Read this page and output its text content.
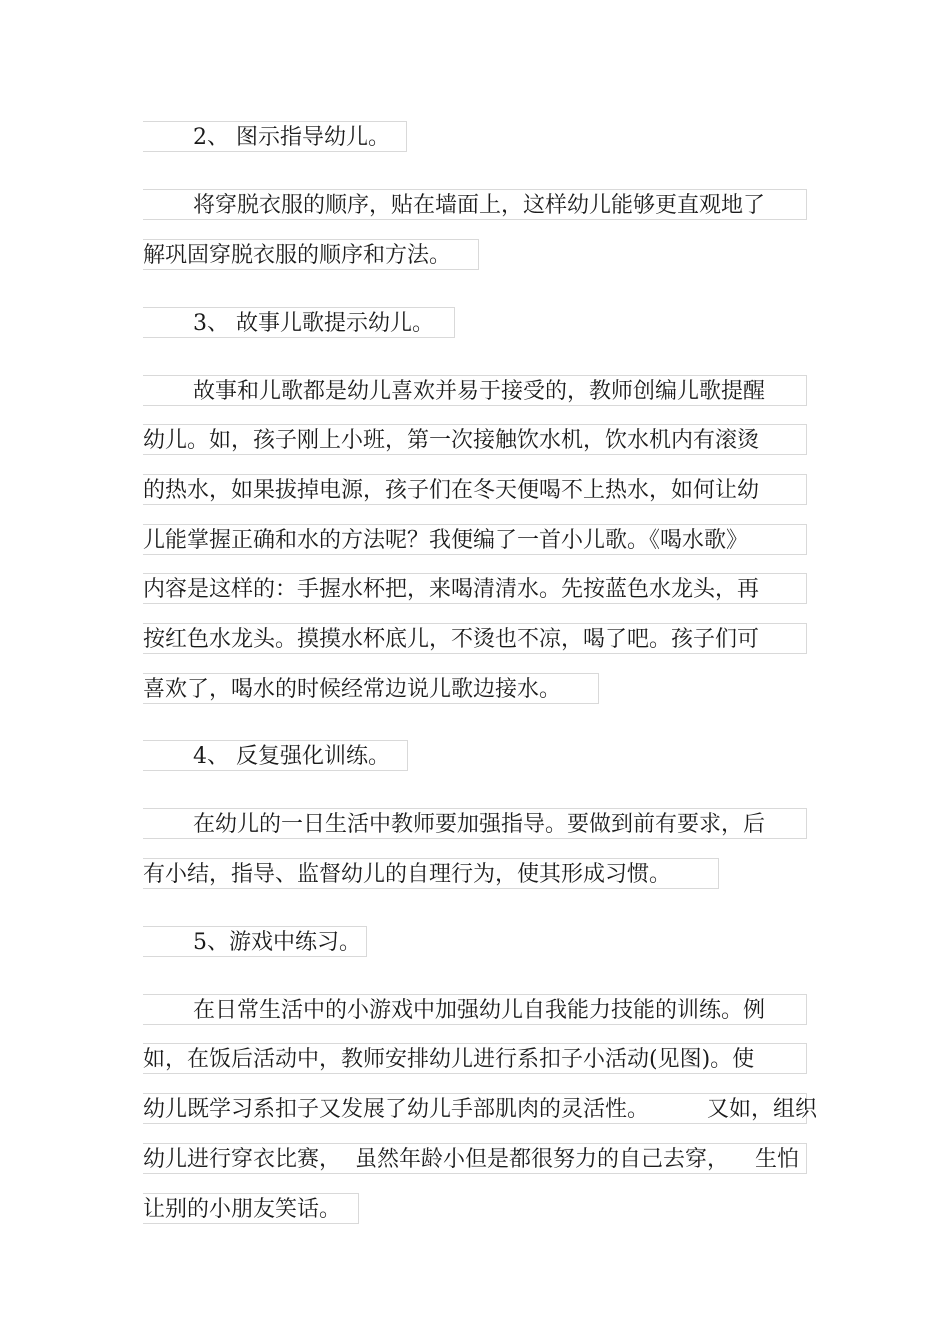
2、 图示指导幼儿。
将穿脱衣服的顺序，贴在墙面上，这样幼儿能够更直观地了
解巩固穿脱衣服的顺序和方法。
3、 故事儿歌提示幼儿。
故事和儿歌都是幼儿喜欢并易于接受的，教师创编儿歌提醒
幼儿。如，孩子刚上小班，第一次接触饮水机，饮水机内有滚烫
的热水，如果拔掉电源，孩子们在冬天便喝不上热水，如何让幼
儿能掌握正确和水的方法呢？我便编了一首小儿歌。《喝水歌》
内容是这样的：手握水杯把，来喝清清水。先按蓝色水龙头，再
按红色水龙头。摸摸水杯底儿，不烫也不凉，喝了吧。孩子们可
喜欢了，喝水的时候经常边说儿歌边接水。
4、 反复强化训练。
在幼儿的一日生活中教师要加强指导。要做到前有要求，后
有小结，指导、监督幼儿的自理行为，使其形成习惯。
5、游戏中练习。
在日常生活中的小游戏中加强幼儿自我能力技能的训练。例
如，在饭后活动中，教师安排幼儿进行系扣子小活动(见图)。使
幼儿既学习系扣子又发展了幼儿手部肌肉的灵活性。	又如，组织
幼儿进行穿衣比赛， 虽然年龄小但是都很努力的自己去穿， 生怕
让别的小朋友笑话。
